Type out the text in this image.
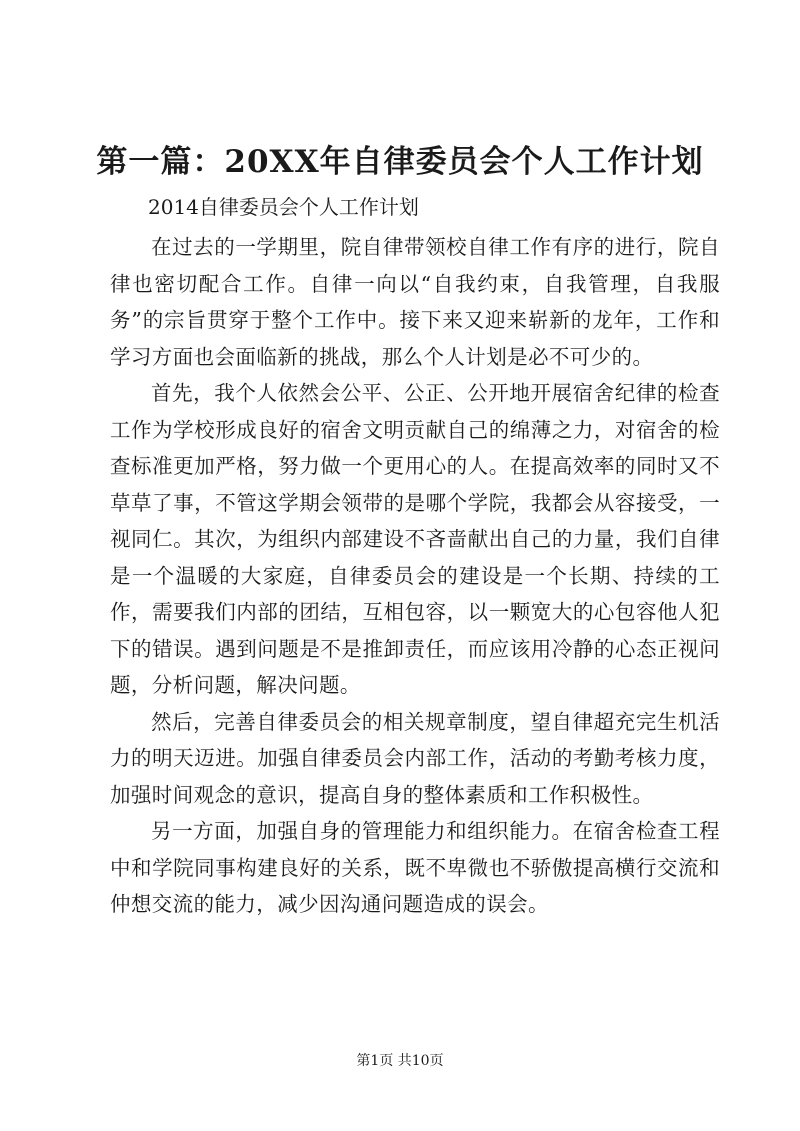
第一篇：20XX年自律委员会个人工作计划

2014自律委员会个人工作计划

在过去的一学期里，院自律带领校自律工作有序的进行，院自律也密切配合工作。自律一向以“自我约束，自我管理，自我服务”的宗旨贯穿于整个工作中。接下来又迎来崭新的龙年，工作和学习方面也会面临新的挑战，那么个人计划是必不可少的。

首先，我个人依然会公平、公正、公开地开展宿舍纪律的检查工作为学校形成良好的宿舍文明贡献自己的绵薄之力，对宿舍的检查标准更加严格，努力做一个更用心的人。在提高效率的同时又不草草了事，不管这学期会领带的是哪个学院，我都会从容接受，一视同仁。其次，为组织内部建设不吝啬献出自己的力量，我们自律是一个温暖的大家庭，自律委员会的建设是一个长期、持续的工作，需要我们内部的团结，互相包容，以一颗宽大的心包容他人犯下的错误。遇到问题是不是推卸责任，而应该用冷静的心态正视问题，分析问题，解决问题。

然后，完善自律委员会的相关规章制度，望自律超充完生机活力的明天迈进。加强自律委员会内部工作，活动的考勤考核力度，加强时间观念的意识，提高自身的整体素质和工作积极性。

另一方面，加强自身的管理能力和组织能力。在宿舍检查工程中和学院同事构建良好的关系，既不卑微也不骄傲提高横行交流和仲想交流的能力，减少因沟通问题造成的误会。

第1页 共10页
